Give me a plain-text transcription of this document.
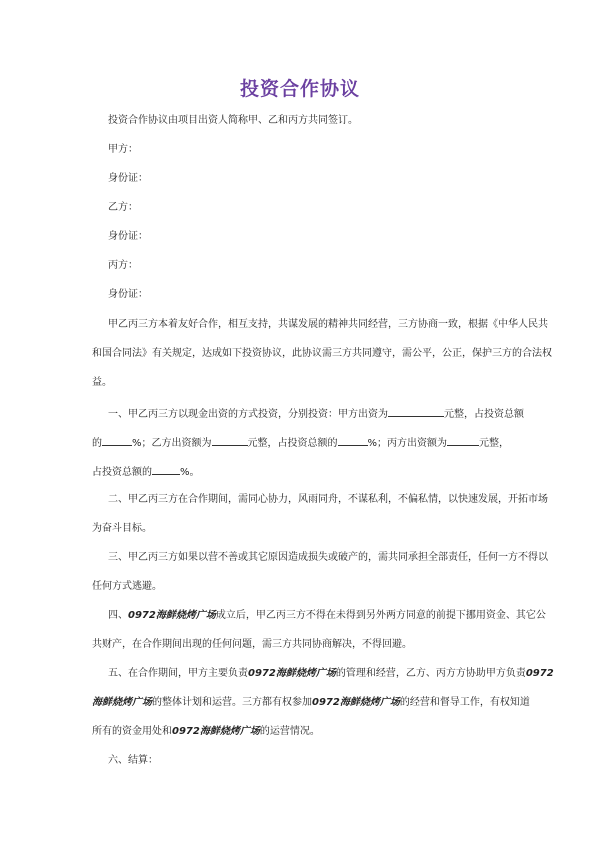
投资合作协议
投资合作协议由项目出资人简称甲、乙和丙方共同签订。
甲方：
身份证：
乙方：
身份证：
丙方：
身份证：
甲乙丙三方本着友好合作，相互支持，共谋发展的精神共同经营，三方协商一致，根据《中华人民共
和国合同法》有关规定，达成如下投资协议，此协议需三方共同遵守，需公平，公正，保护三方的合法权
益。
一、甲乙丙三方以现金出资的方式投资，分别投资：甲方出资为	元整，占投资总额
的	%；乙方出资额为	元整，占投资总额的	%；丙方出资额为	元整，
占投资总额的	%。
二、甲乙丙三方在合作期间，需同心协力，风雨同舟，不谋私利，不偏私情，以快速发展，开拓市场
为奋斗目标。
三、甲乙丙三方如果以营不善或其它原因造成损失或破产的，需共同承担全部责任，任何一方不得以
任何方式逃避。
四、0972海鲜烧烤广场成立后，甲乙丙三方不得在未得到另外两方同意的前提下挪用资金、其它公
共财产，在合作期间出现的任何问题，需三方共同协商解决，不得回避。
五、在合作期间，甲方主要负责0972海鲜烧烤广场的管理和经营，乙方、丙方方协助甲方负责0972
海鲜烧烤广场的整体计划和运营。三方都有权参加0972海鲜烧烤广场的经营和督导工作，有权知道
所有的资金用处和0972海鲜烧烤广场的运营情况。
六、结算：
